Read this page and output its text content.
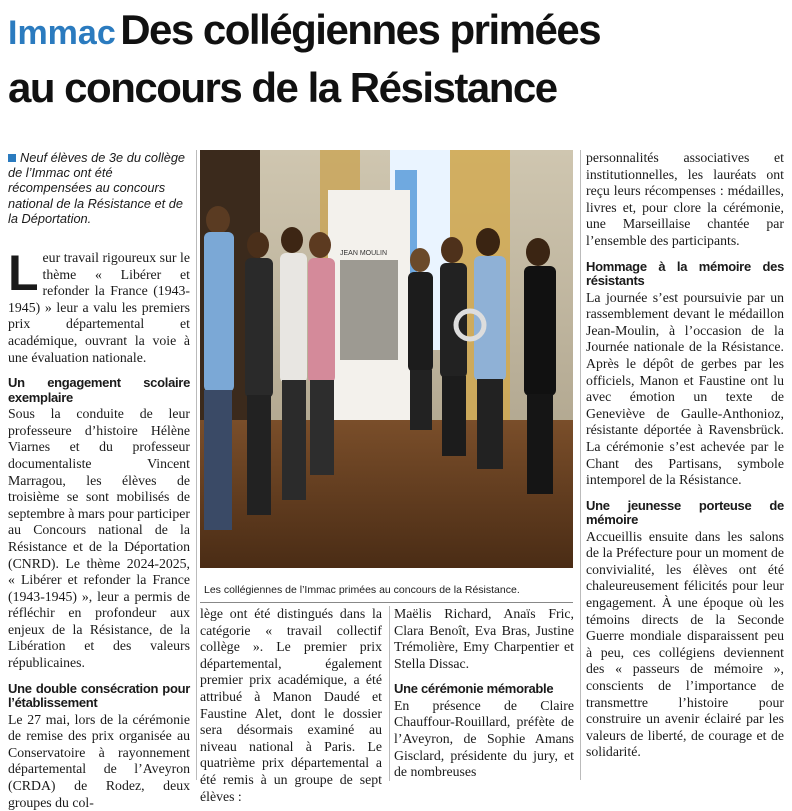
Immac Des collégiennes primées
au concours de la Résistance
Neuf élèves de 3e du collège de l’Immac ont été récompensées au concours national de la Résistance et de la Déportation.

Leur travail rigoureux sur le thème « Libérer et refonder la France (1943-1945) » leur a valu les premiers prix départemental et académique, ouvrant la voie à une évaluation nationale.

Un engagement scolaire exemplaire

Sous la conduite de leur professeure d’histoire Hélène Viarnes et du professeur documentaliste Vincent Marragou, les élèves de troisième se sont mobilisés de septembre à mars pour participer au Concours national de la Résistance et de la Déportation (CNRD). Le thème 2024-2025, « Libérer et refonder la France (1943-1945) », leur a permis de réfléchir en profondeur aux enjeux de la Résistance, de la Libération et des valeurs républicaines.

Une double consécration pour l’établissement

Le 27 mai, lors de la cérémonie de remise des prix organisée au Conservatoire à rayonnement départemental de l’Aveyron (CRDA) de Rodez, deux groupes du col-

JEAN MOULIN
Les collégiennes de l’Immac primées au concours de la Résistance.

lège ont été distingués dans la catégorie « travail collectif collège ». Le premier prix départemental, également premier prix académique, a été attribué à Manon Daudé et Faustine Alet, dont le dossier sera désormais examiné au niveau national à Paris. Le quatrième prix départemental a été remis à un groupe de sept élèves :

Maëlis Richard, Anaïs Fric, Clara Benoît, Eva Bras, Justine Trémolière, Emy Charpentier et Stella Dissac.

Une cérémonie mémorable

En présence de Claire Chauffour-Rouillard, préfète de l’Aveyron, de Sophie Amans Gisclard, présidente du jury, et de nombreuses

personnalités associatives et institutionnelles, les lauréats ont reçu leurs récompenses : médailles, livres et, pour clore la cérémonie, une Marseillaise chantée par l’ensemble des participants.

Hommage à la mémoire des résistants

La journée s’est poursuivie par un rassemblement devant le médaillon Jean-Moulin, à l’occasion de la Journée nationale de la Résistance. Après le dépôt de gerbes par les officiels, Manon et Faustine ont lu avec émotion un texte de Geneviève de Gaulle-Anthonioz, résistante déportée à Ravensbrück. La cérémonie s’est achevée par le Chant des Partisans, symbole intemporel de la Résistance.

Une jeunesse porteuse de mémoire

Accueillis ensuite dans les salons de la Préfecture pour un moment de convivialité, les élèves ont été chaleureusement félicités pour leur engagement. À une époque où les témoins directs de la Seconde Guerre mondiale disparaissent peu à peu, ces collégiens deviennent des « passeurs de mémoire », conscients de l’importance de transmettre l’histoire pour construire un avenir éclairé par les valeurs de liberté, de courage et de solidarité.
